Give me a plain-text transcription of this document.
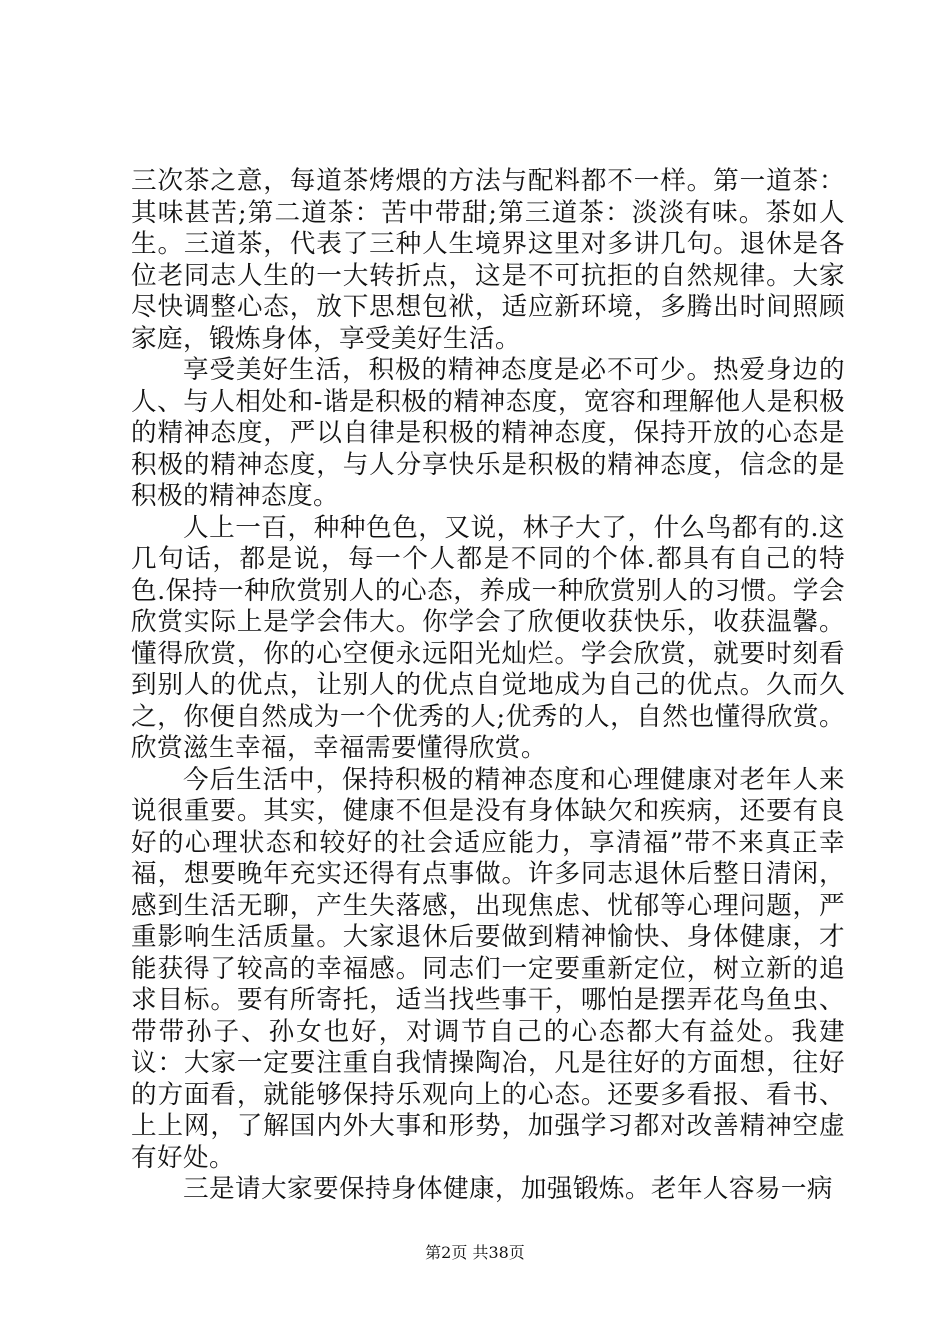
三次茶之意，每道茶烤煨的方法与配料都不一样。第一道茶：其味甚苦;第二道茶：苦中带甜;第三道茶：淡淡有味。茶如人生。三道茶，代表了三种人生境界这里对多讲几句。退休是各位老同志人生的一大转折点，这是不可抗拒的自然规律。大家尽快调整心态，放下思想包袱，适应新环境，多腾出时间照顾家庭，锻炼身体，享受美好生活。

享受美好生活，积极的精神态度是必不可少。热爱身边的人、与人相处和-谐是积极的精神态度，宽容和理解他人是积极的精神态度，严以自律是积极的精神态度，保持开放的心态是积极的精神态度，与人分享快乐是积极的精神态度，信念的是积极的精神态度。

人上一百，种种色色，又说，林子大了，什么鸟都有的.这几句话，都是说，每一个人都是不同的个体.都具有自己的特色.保持一种欣赏别人的心态，养成一种欣赏别人的习惯。学会欣赏实际上是学会伟大。你学会了欣便收获快乐，收获温馨。懂得欣赏，你的心空便永远阳光灿烂。学会欣赏，就要时刻看到别人的优点，让别人的优点自觉地成为自己的优点。久而久之，你便自然成为一个优秀的人;优秀的人，自然也懂得欣赏。欣赏滋生幸福，幸福需要懂得欣赏。

今后生活中，保持积极的精神态度和心理健康对老年人来说很重要。其实，健康不但是没有身体缺欠和疾病，还要有良好的心理状态和较好的社会适应能力，享清福”带不来真正幸福，想要晚年充实还得有点事做。许多同志退休后整日清闲，感到生活无聊，产生失落感，出现焦虑、忧郁等心理问题，严重影响生活质量。大家退休后要做到精神愉快、身体健康，才能获得了较高的幸福感。同志们一定要重新定位，树立新的追求目标。要有所寄托，适当找些事干，哪怕是摆弄花鸟鱼虫、带带孙子、孙女也好，对调节自己的心态都大有益处。我建议：大家一定要注重自我情操陶冶，凡是往好的方面想，往好的方面看，就能够保持乐观向上的心态。还要多看报、看书、上上网，了解国内外大事和形势，加强学习都对改善精神空虚有好处。

三是请大家要保持身体健康，加强锻炼。老年人容易一病

第2页 共38页
